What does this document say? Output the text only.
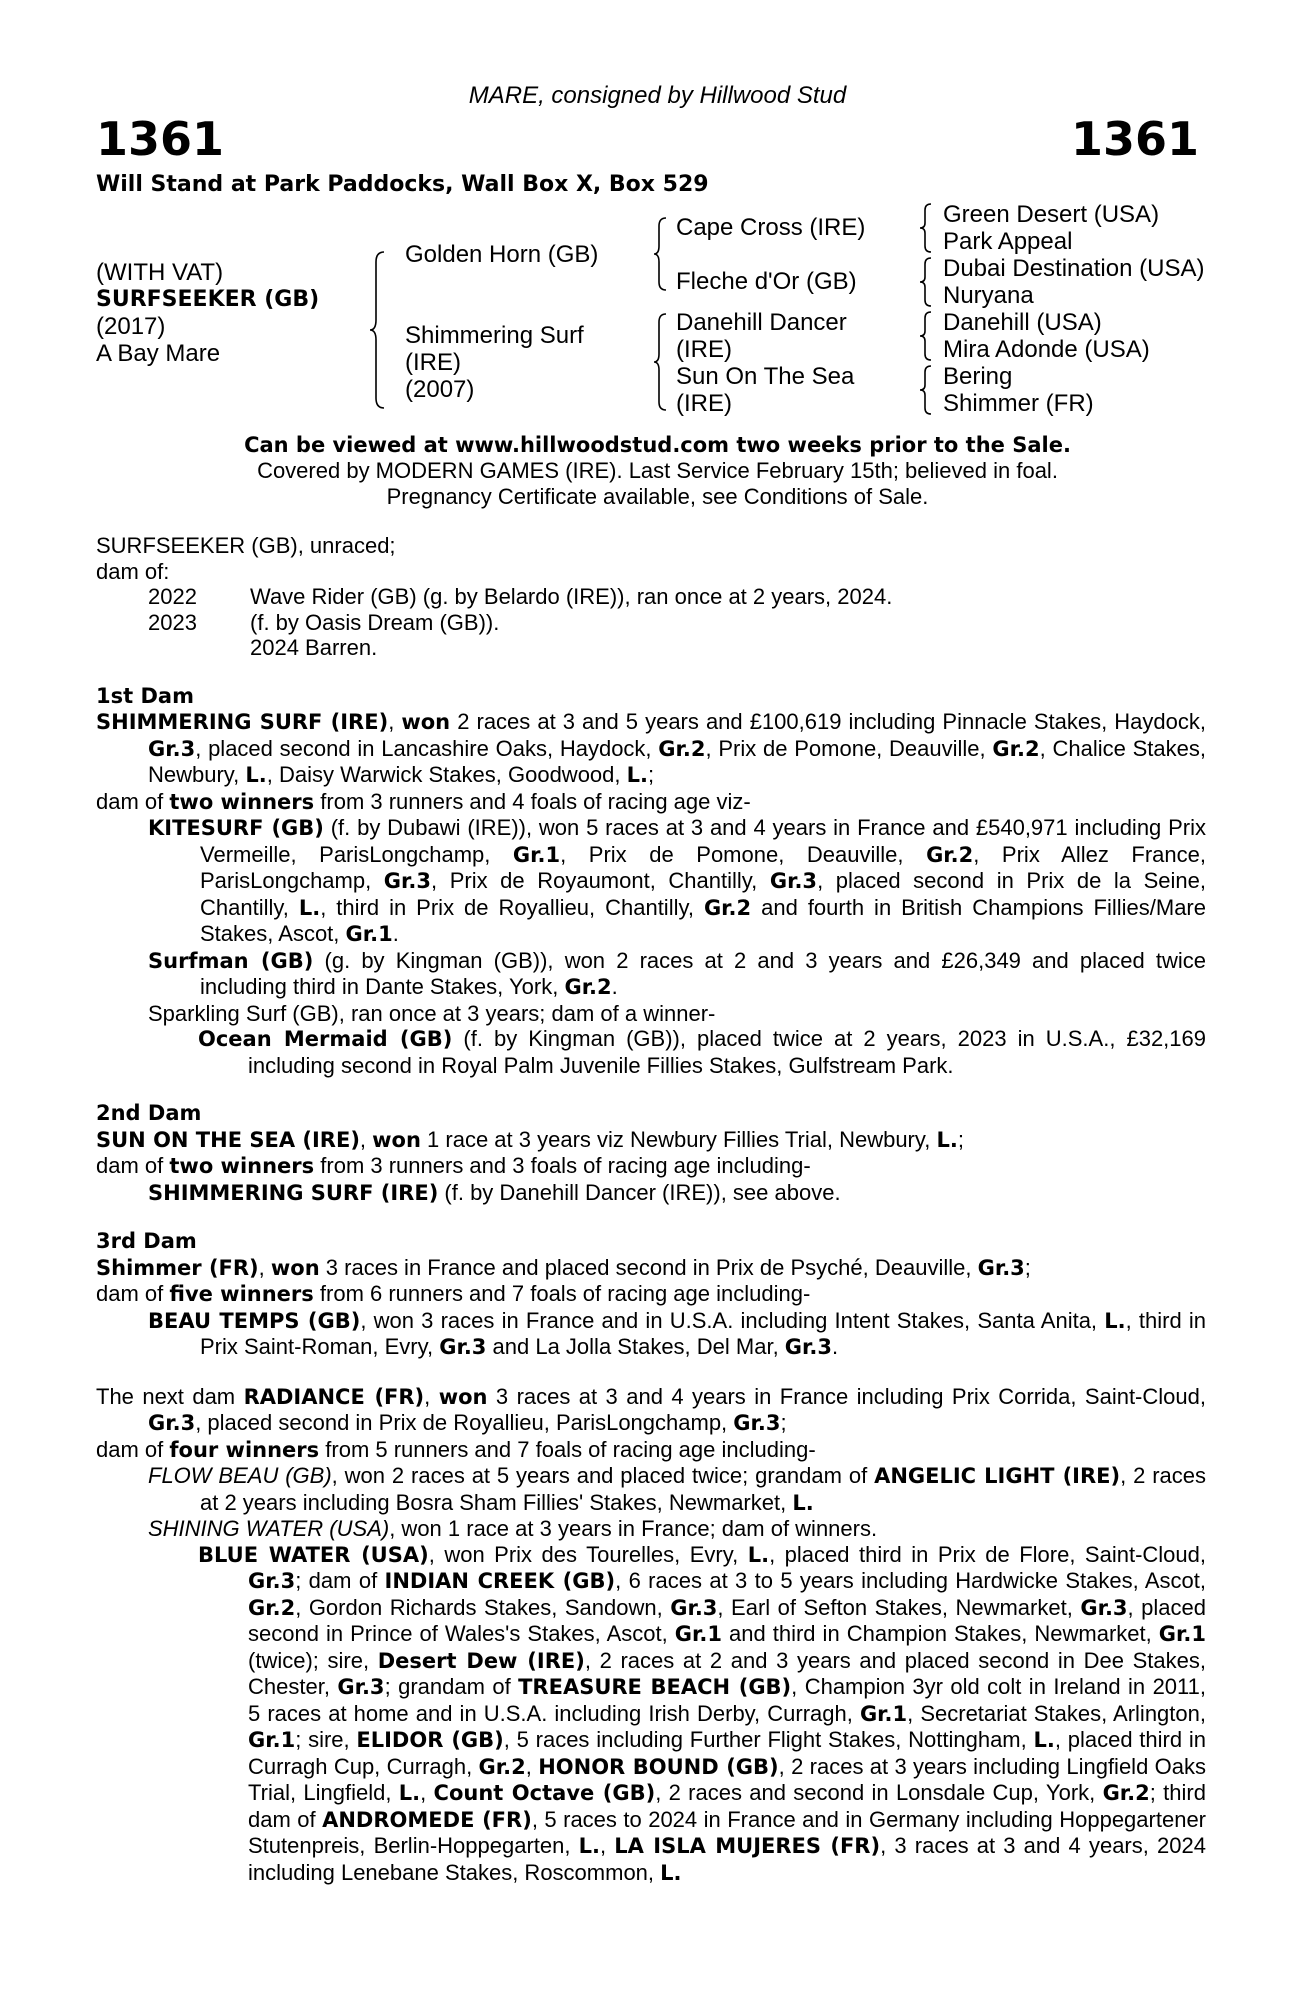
MARE, consigned by Hillwood Stud
1361	1361
Will Stand at Park Paddocks, Wall Box X, Box 529
(WITH VAT)
SURFSEEKER (GB)
(2017)
A Bay Mare
Golden Horn (GB)
Shimmering Surf
(IRE)
(2007)
Cape Cross (IRE)
Fleche d'Or (GB)
Danehill Dancer
(IRE)
Sun On The Sea
(IRE)
Green Desert (USA)
Park Appeal
Dubai Destination (USA)
Nuryana
Danehill (USA)
Mira Adonde (USA)
Bering
Shimmer (FR)
Can be viewed at www.hillwoodstud.com two weeks prior to the Sale.
Covered by MODERN GAMES (IRE). Last Service February 15th; believed in foal.
Pregnancy Certificate available, see Conditions of Sale.

SURFSEEKER (GB), unraced;

dam of:

2022	Wave Rider (GB) (g. by Belardo (IRE)), ran once at 2 years, 2024.
2023	(f. by Oasis Dream (GB)).
2024 Barren.

1st Dam

SHIMMERING SURF (IRE), won 2 races at 3 and 5 years and £100,619 including Pinnacle Stakes, Haydock, Gr.3, placed second in Lancashire Oaks, Haydock, Gr.2, Prix de Pomone, Deauville, Gr.2, Chalice Stakes, Newbury, L., Daisy Warwick Stakes, Goodwood, L.;

dam of two winners from 3 runners and 4 foals of racing age viz-

KITESURF (GB) (f. by Dubawi (IRE)), won 5 races at 3 and 4 years in France and £540,971 including Prix Vermeille, ParisLongchamp, Gr.1, Prix de Pomone, Deauville, Gr.2, Prix Allez France, ParisLongchamp, Gr.3, Prix de Royaumont, Chantilly, Gr.3, placed second in Prix de la Seine, Chantilly, L., third in Prix de Royallieu, Chantilly, Gr.2 and fourth in British Champions Fillies/Mare Stakes, Ascot, Gr.1.

Surfman (GB) (g. by Kingman (GB)), won 2 races at 2 and 3 years and £26,349 and placed twice including third in Dante Stakes, York, Gr.2.

Sparkling Surf (GB), ran once at 3 years; dam of a winner-

Ocean Mermaid (GB) (f. by Kingman (GB)), placed twice at 2 years, 2023 in U.S.A., £32,169 including second in Royal Palm Juvenile Fillies Stakes, Gulfstream Park.

2nd Dam

SUN ON THE SEA (IRE), won 1 race at 3 years viz Newbury Fillies Trial, Newbury, L.;

dam of two winners from 3 runners and 3 foals of racing age including-

SHIMMERING SURF (IRE) (f. by Danehill Dancer (IRE)), see above.

3rd Dam

Shimmer (FR), won 3 races in France and placed second in Prix de Psyché, Deauville, Gr.3;

dam of five winners from 6 runners and 7 foals of racing age including-

BEAU TEMPS (GB), won 3 races in France and in U.S.A. including Intent Stakes, Santa Anita, L., third in Prix Saint-Roman, Evry, Gr.3 and La Jolla Stakes, Del Mar, Gr.3.

The next dam RADIANCE (FR), won 3 races at 3 and 4 years in France including Prix Corrida, Saint-Cloud, Gr.3, placed second in Prix de Royallieu, ParisLongchamp, Gr.3;

dam of four winners from 5 runners and 7 foals of racing age including-

FLOW BEAU (GB), won 2 races at 5 years and placed twice; grandam of ANGELIC LIGHT (IRE), 2 races at 2 years including Bosra Sham Fillies' Stakes, Newmarket, L.

SHINING WATER (USA), won 1 race at 3 years in France; dam of winners.

BLUE WATER (USA), won Prix des Tourelles, Evry, L., placed third in Prix de Flore, Saint-Cloud, Gr.3; dam of INDIAN CREEK (GB), 6 races at 3 to 5 years including Hardwicke Stakes, Ascot, Gr.2, Gordon Richards Stakes, Sandown, Gr.3, Earl of Sefton Stakes, Newmarket, Gr.3, placed second in Prince of Wales's Stakes, Ascot, Gr.1 and third in Champion Stakes, Newmarket, Gr.1 (twice); sire, Desert Dew (IRE), 2 races at 2 and 3 years and placed second in Dee Stakes, Chester, Gr.3; grandam of TREASURE BEACH (GB), Champion 3yr old colt in Ireland in 2011, 5 races at home and in U.S.A. including Irish Derby, Curragh, Gr.1, Secretariat Stakes, Arlington, Gr.1; sire, ELIDOR (GB), 5 races including Further Flight Stakes, Nottingham, L., placed third in Curragh Cup, Curragh, Gr.2, HONOR BOUND (GB), 2 races at 3 years including Lingfield Oaks Trial, Lingfield, L., Count Octave (GB), 2 races and second in Lonsdale Cup, York, Gr.2; third dam of ANDROMEDE (FR), 5 races to 2024 in France and in Germany including Hoppegartener Stutenpreis, Berlin-Hoppegarten, L., LA ISLA MUJERES (FR), 3 races at 3 and 4 years, 2024 including Lenebane Stakes, Roscommon, L.
